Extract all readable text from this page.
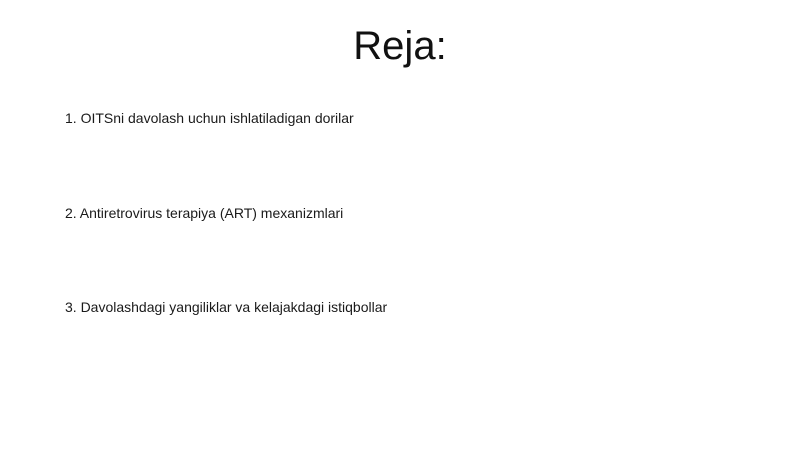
Reja:
1. OITSni davolash uchun ishlatiladigan dorilar
2. Antiretrovirus terapiya (ART) mexanizmlari
3. Davolashdagi yangiliklar va kelajakdagi istiqbollar
